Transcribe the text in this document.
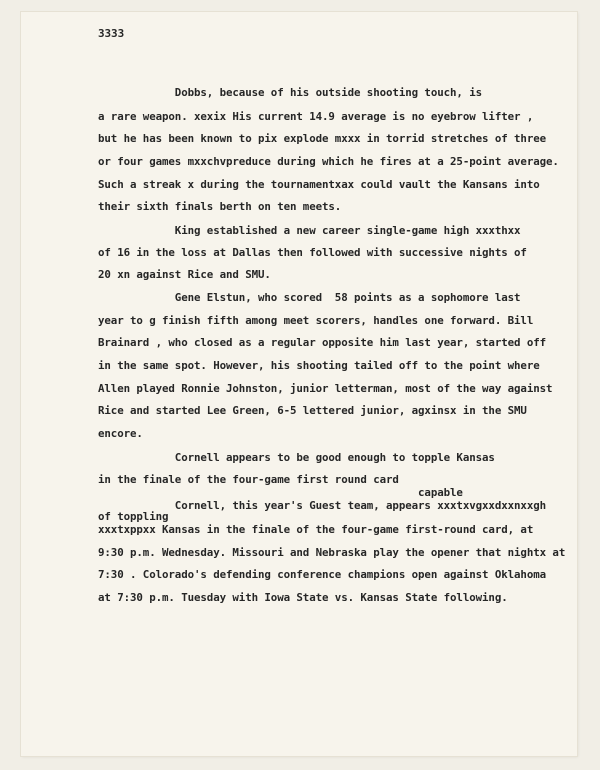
3333
Dobbs, because of his outside shooting touch, is
a rare weapon. xexix His current 14.9 average is no eyebrow lifter ,
but he has been known to pix explode mxxx in torrid stretches of three
or four games mxxchvpreduce during which he fires at a 25-point average.
Such a streak x during the tournamentxax could vault the Kansans into
their sixth finals berth on ten meets.
King established a new career single-game high xxxthxx
of 16 in the loss at Dallas then followed with successive nights of
20 xn against Rice and SMU.
Gene Elstun, who scored  58 points as a sophomore last
year to g finish fifth among meet scorers, handles one forward. Bill
Brainard , who closed as a regular opposite him last year, started off
in the same spot. However, his shooting tailed off to the point where
Allen played Ronnie Johnston, junior letterman, most of the way against
Rice and started Lee Green, 6-5 lettered junior, agxinsx in the SMU
encore.
Cornell appears to be good enough to topple Kansas
in the finale of the four-game first round card
capable
Cornell, this year's Guest team, appears xxxtxvgxxdxxnxxgh
of toppling
xxxtxppxx Kansas in the finale of the four-game first-round card, at
9:30 p.m. Wednesday. Missouri and Nebraska play the opener that nightx at
7:30 . Colorado's defending conference champions open against Oklahoma
at 7:30 p.m. Tuesday with Iowa State vs. Kansas State following.
